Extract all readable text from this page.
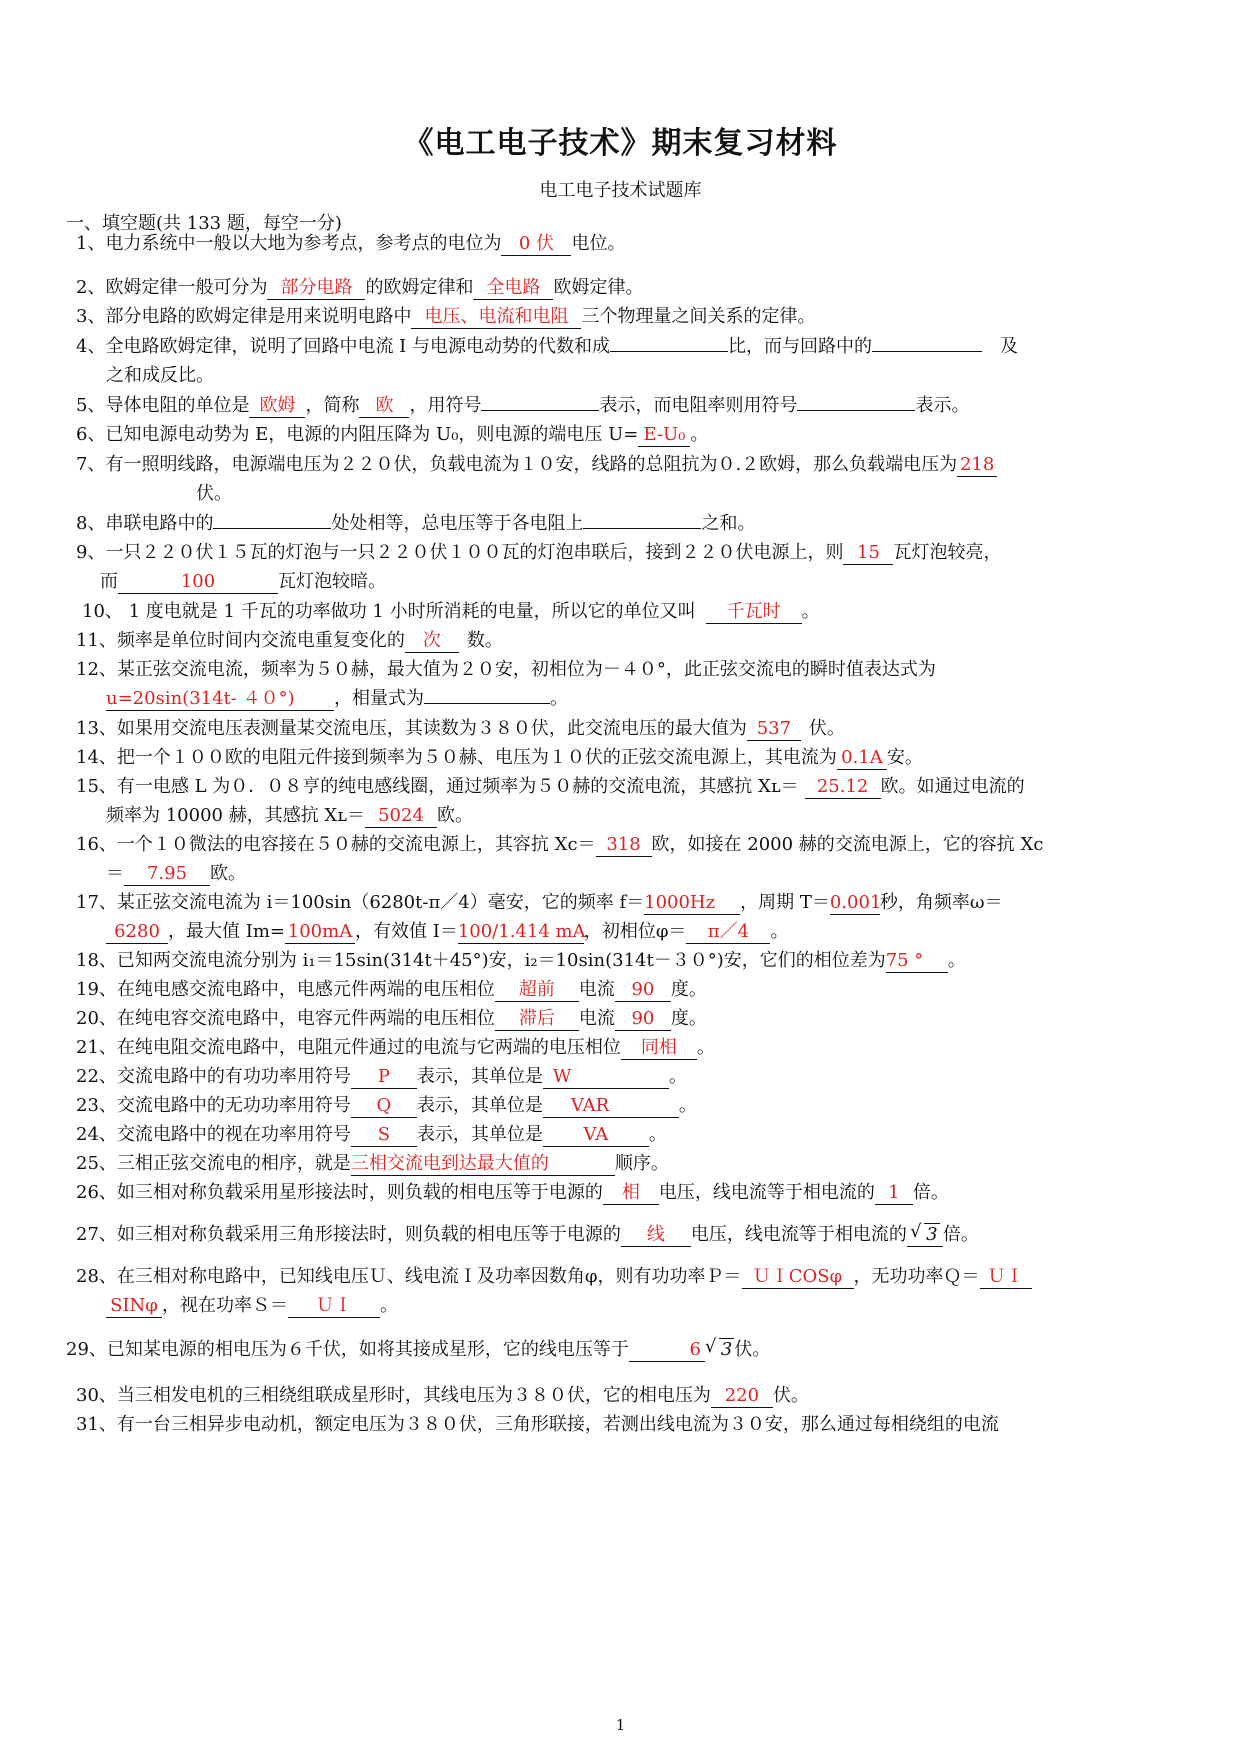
《电工电子技术》期末复习材料
电工电子技术试题库
一、填空题(共 133 题，每空一分)
1、电力系统中一般以大地为参考点，参考点的电位为 0 伏 电位。
2、欧姆定律一般可分为 部分电路 的欧姆定律和 全电路 欧姆定律。
3、部分电路的欧姆定律是用来说明电路中 电压、电流和电阻 三个物理量之间关系的定律。
4、全电路欧姆定律，说明了回路中电流 I 与电源电动势的代数和成	比，而与回路中的	及
之和成反比。
5、导体电阻的单位是 欧姆 ，简称 欧 ，用符号	表示，而电阻率则用符号	表示。
6、已知电源电动势为 E，电源的内阻压降为 U₀，则电源的端电压 U= E-U₀ 。
7、有一照明线路，电源端电压为２２０伏，负载电流为１０安，线路的总阻抗为０.２欧姆，那么负载端电压为 218
伏。
8、串联电路中的	处处相等，总电压等于各电阻上	之和。
9、一只２２０伏１５瓦的灯泡与一只２２０伏１００瓦的灯泡串联后，接到２２０伏电源上，则 15 瓦灯泡较亮，
而	100	瓦灯泡较暗。
10、 1 度电就是 1 千瓦的功率做功 1 小时所消耗的电量，所以它的单位又叫 千瓦时 。
11、频率是单位时间内交流电重复变化的 次 数。
12、某正弦交流电流，频率为５０赫，最大值为２０安，初相位为－４０°，此正弦交流电的瞬时值表达式为
u=20sin(314t- ４０°) ，相量式为	。
13、如果用交流电压表测量某交流电压，其读数为３８０伏，此交流电压的最大值为 537 伏。
14、把一个１００欧的电阻元件接到频率为５０赫、电压为１０伏的正弦交流电源上，其电流为 0.1A 安。
15、有一电感 L 为０．０８亨的纯电感线圈，通过频率为５０赫的交流电流，其感抗 Xʟ＝ 25.12 欧。如通过电流的
频率为 10000 赫，其感抗 Xʟ＝ 5024 欧。
16、一个１０微法的电容接在５０赫的交流电源上，其容抗 Xc＝ 318 欧，如接在 2000 赫的交流电源上，它的容抗 Xc
＝ 7.95 欧。
17、某正弦交流电流为 i＝100sin（6280t-π／4）毫安，它的频率 f＝1000Hz ，周期 T＝0.001秒，角频率ω＝
6280 ，最大值 Im= 100mA ，有效值 I＝100/1.414 mA，初相位φ＝ π／4 。
18、已知两交流电流分别为 i₁＝15sin(314t＋45°)安，i₂＝10sin(314t－３０°)安，它们的相位差为75 ° 。
19、在纯电感交流电路中，电感元件两端的电压相位 超前 电流 90 度。
20、在纯电容交流电路中，电容元件两端的电压相位 滞后 电流 90 度。
21、在纯电阻交流电路中，电阻元件通过的电流与它两端的电压相位 同相 。
22、交流电路中的有功功率用符号 P 表示，其单位是 W	。
23、交流电路中的无功功率用符号 Q 表示，其单位是 VAR	。
24、交流电路中的视在功率用符号 S 表示，其单位是 VA 。
25、三相正弦交流电的相序，就是三相交流电到达最大值的	顺序。
26、如三相对称负载采用星形接法时，则负载的相电压等于电源的 相 电压，线电流等于相电流的 1 倍。
27、如三相对称负载采用三角形接法时，则负载的相电压等于电源的 线 电压，线电流等于相电流的 √ 3 倍。
28、在三相对称电路中，已知线电压Ｕ、线电流Ｉ及功率因数角φ，则有功功率Ｐ＝ ＵＩCOSφ ，无功功率Ｑ＝ ＵＩ
SINφ ，视在功率Ｓ＝ ＵＩ 。
29、已知某电源的相电压为６千伏，如将其接成星形，它的线电压等于	6 √ 3 伏。
30、当三相发电机的三相绕组联成星形时，其线电压为３８０伏，它的相电压为 220 伏。
31、有一台三相异步电动机，额定电压为３８０伏，三角形联接，若测出线电流为３０安，那么通过每相绕组的电流
1
